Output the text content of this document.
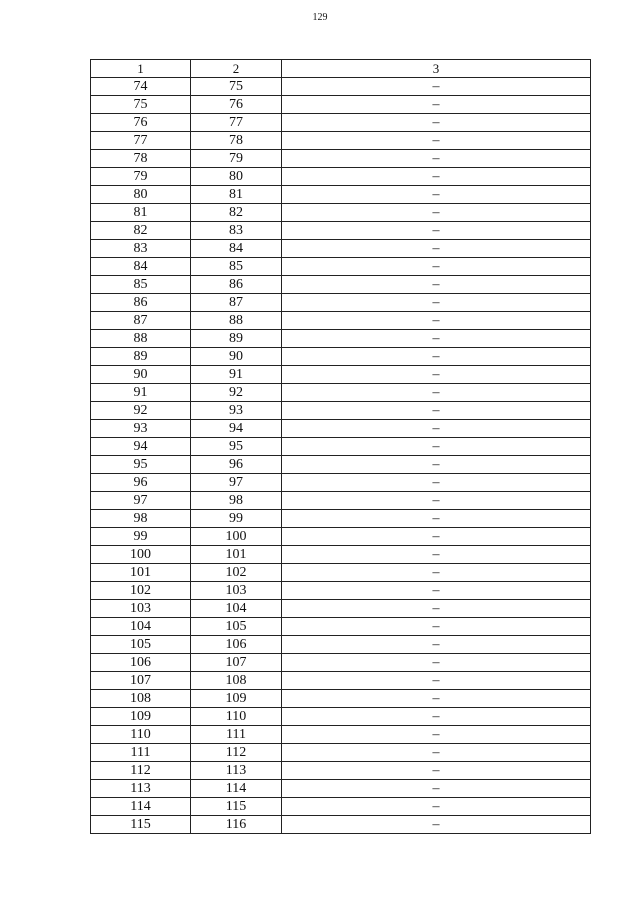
129
1	2	3
74	75	–
75	76	–
76	77	–
77	78	–
78	79	–
79	80	–
80	81	–
81	82	–
82	83	–
83	84	–
84	85	–
85	86	–
86	87	–
87	88	–
88	89	–
89	90	–
90	91	–
91	92	–
92	93	–
93	94	–
94	95	–
95	96	–
96	97	–
97	98	–
98	99	–
99	100	–
100	101	–
101	102	–
102	103	–
103	104	–
104	105	–
105	106	–
106	107	–
107	108	–
108	109	–
109	110	–
110	111	–
111	112	–
112	113	–
113	114	–
114	115	–
115	116	–
